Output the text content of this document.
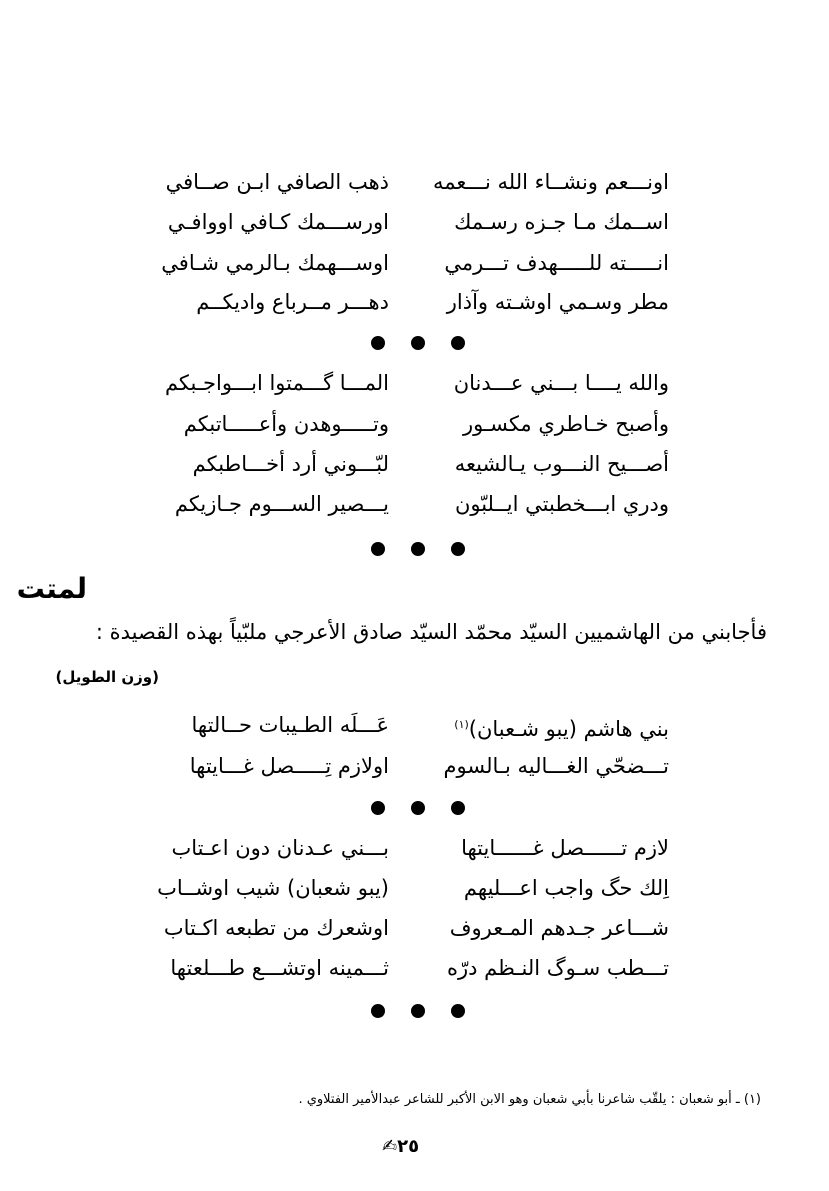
اونـــعم ونشــاء الله نـــعمه
ذهب الصافي ابـن صــافي
اســمك مـا جـزه رسـمك
اورســـمك كـافي اووافـي
انـــــته للـــــهدف تـــرمي
اوســـهمك بـالرمي شـافي
مطر وسـمي اوشـته وآذار
دهـــر مــرباع واديكــم
والله يــــا بـــني عـــدنان
المـــا گـــمتوا ابـــواجـبكم
وأصبح خـاطري مكسـور
وتـــــوهدن وأعـــــاتبكم
أصـــيح النـــوب يـالشيعه
لبّـــوني أرد أخـــاطبكم
ودري ابـــخطبتي ايــلبّون
يـــصير الســـوم جـازيكم
لمتت
فأجابني من الهاشميين السيّد محمّد السيّد صادق الأعرجي ملبّياً بهذه القصيدة :
(وزن الطويل)
بني هاشم (يبو شـعبان)$^{(١)}$
عَـــلَه الطـيبات حــالتها
تـــضحّي الغـــاليه بـالسوم
اولازم تِـــــصل غـــايتها
لازم تــــــصل غــــــايتها
بـــني عـدنان دون اعـتاب
اِلك حگ واجب اعـــليهم
(يبو شعبان) شيب اوشــاب
شـــاعر جـدهم المـعروف
اوشعرك من تطبعه اكـتاب
تـــطب سـوگ النـظم درّه
ثـــمينه اوتشـــع طـــلعتها
(١) ـ أبو شعبان : يلقّب شاعرنا بأبي شعبان وهو الابن الأكبر للشاعر عبدالأمير الفتلاوي .
٢٥✍
